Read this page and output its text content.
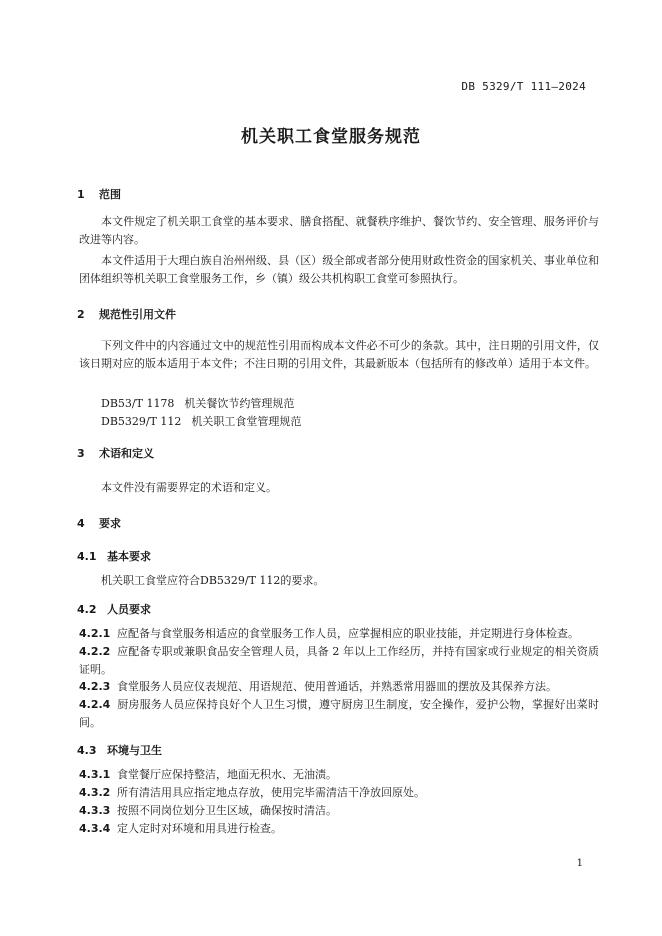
DB 5329/T 111—2024
机关职工食堂服务规范
1 范围
本文件规定了机关职工食堂的基本要求、膳食搭配、就餐秩序维护、餐饮节约、安全管理、服务评价与改进等内容。
本文件适用于大理白族自治州州级、县（区）级全部或者部分使用财政性资金的国家机关、事业单位和团体组织等机关职工食堂服务工作，乡（镇）级公共机构职工食堂可参照执行。
2 规范性引用文件
下列文件中的内容通过文中的规范性引用而构成本文件必不可少的条款。其中，注日期的引用文件，仅该日期对应的版本适用于本文件；不注日期的引用文件，其最新版本（包括所有的修改单）适用于本文件。
DB53/T 1178 机关餐饮节约管理规范
DB5329/T 112 机关职工食堂管理规范
3 术语和定义
本文件没有需要界定的术语和定义。
4 要求
4.1 基本要求
机关职工食堂应符合DB5329/T 112的要求。
4.2 人员要求
4.2.1 应配备与食堂服务相适应的食堂服务工作人员，应掌握相应的职业技能，并定期进行身体检查。
4.2.2 应配备专职或兼职食品安全管理人员，具备 2 年以上工作经历，并持有国家或行业规定的相关资质证明。
4.2.3 食堂服务人员应仪表规范、用语规范、使用普通话，并熟悉常用器皿的摆放及其保养方法。
4.2.4 厨房服务人员应保持良好个人卫生习惯，遵守厨房卫生制度，安全操作，爱护公物，掌握好出菜时间。
4.3 环境与卫生
4.3.1 食堂餐厅应保持整洁，地面无积水、无油渍。
4.3.2 所有清洁用具应指定地点存放，使用完毕需清洁干净放回原处。
4.3.3 按照不同岗位划分卫生区域，确保按时清洁。
4.3.4 定人定时对环境和用具进行检查。
1
